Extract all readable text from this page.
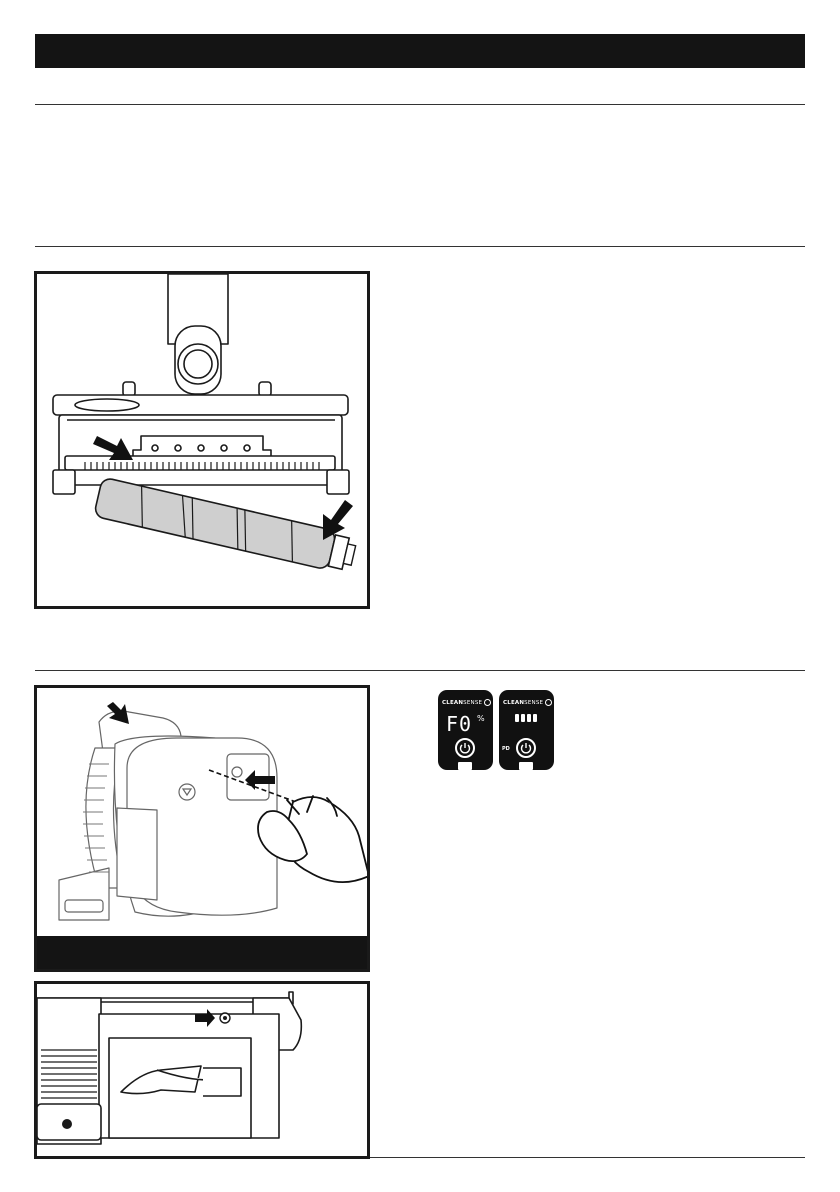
CLEANSENSE
F0 %
CLEANSENSE
PD
